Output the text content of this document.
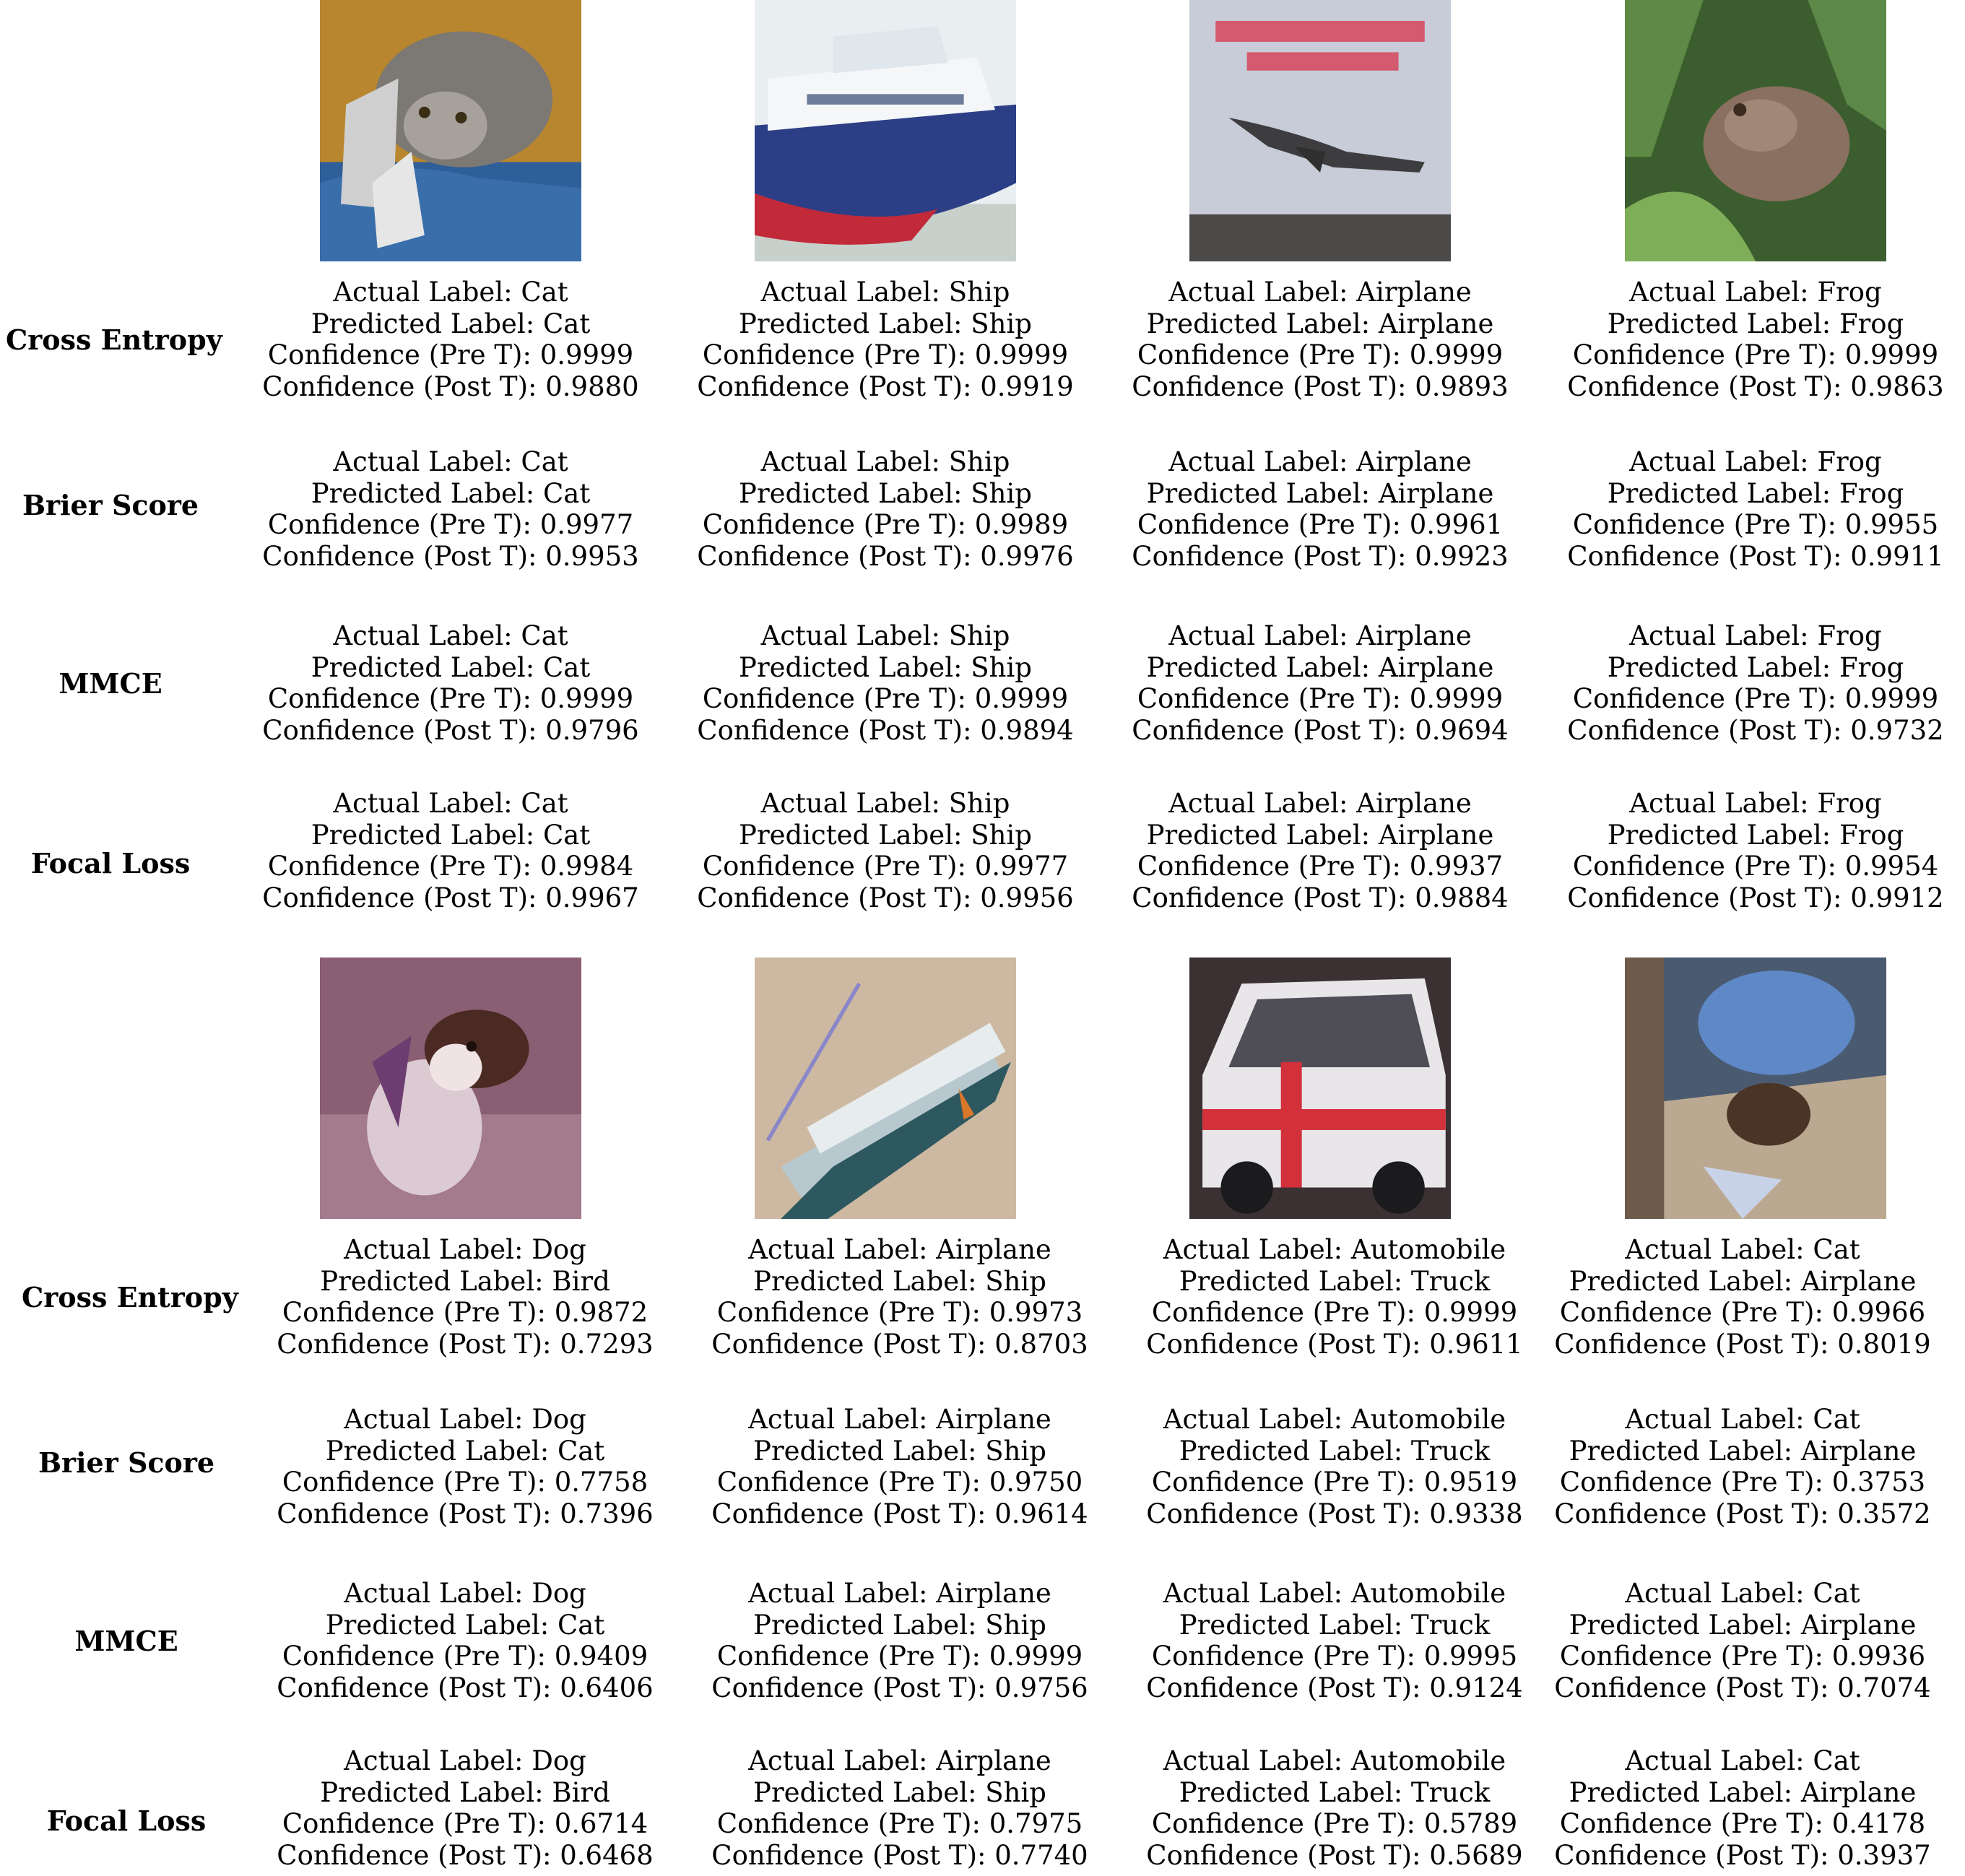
Cross Entropy
Brier Score
MMCE
Focal Loss
Actual Label: Cat
Predicted Label: Cat
Confidence (Pre T): 0.9999
Confidence (Post T): 0.9880
Actual Label: Cat
Predicted Label: Cat
Confidence (Pre T): 0.9977
Confidence (Post T): 0.9953
Actual Label: Cat
Predicted Label: Cat
Confidence (Pre T): 0.9999
Confidence (Post T): 0.9796
Actual Label: Cat
Predicted Label: Cat
Confidence (Pre T): 0.9984
Confidence (Post T): 0.9967
Actual Label: Ship
Predicted Label: Ship
Confidence (Pre T): 0.9999
Confidence (Post T): 0.9919
Actual Label: Ship
Predicted Label: Ship
Confidence (Pre T): 0.9989
Confidence (Post T): 0.9976
Actual Label: Ship
Predicted Label: Ship
Confidence (Pre T): 0.9999
Confidence (Post T): 0.9894
Actual Label: Ship
Predicted Label: Ship
Confidence (Pre T): 0.9977
Confidence (Post T): 0.9956
Actual Label: Airplane
Predicted Label: Airplane
Confidence (Pre T): 0.9999
Confidence (Post T): 0.9893
Actual Label: Airplane
Predicted Label: Airplane
Confidence (Pre T): 0.9961
Confidence (Post T): 0.9923
Actual Label: Airplane
Predicted Label: Airplane
Confidence (Pre T): 0.9999
Confidence (Post T): 0.9694
Actual Label: Airplane
Predicted Label: Airplane
Confidence (Pre T): 0.9937
Confidence (Post T): 0.9884
Actual Label: Frog
Predicted Label: Frog
Confidence (Pre T): 0.9999
Confidence (Post T): 0.9863
Actual Label: Frog
Predicted Label: Frog
Confidence (Pre T): 0.9955
Confidence (Post T): 0.9911
Actual Label: Frog
Predicted Label: Frog
Confidence (Pre T): 0.9999
Confidence (Post T): 0.9732
Actual Label: Frog
Predicted Label: Frog
Confidence (Pre T): 0.9954
Confidence (Post T): 0.9912
Cross Entropy
Brier Score
MMCE
Focal Loss
Actual Label: Dog
Predicted Label: Bird
Confidence (Pre T): 0.9872
Confidence (Post T): 0.7293
Actual Label: Dog
Predicted Label: Cat
Confidence (Pre T): 0.7758
Confidence (Post T): 0.7396
Actual Label: Dog
Predicted Label: Cat
Confidence (Pre T): 0.9409
Confidence (Post T): 0.6406
Actual Label: Dog
Predicted Label: Bird
Confidence (Pre T): 0.6714
Confidence (Post T): 0.6468
Actual Label: Airplane
Predicted Label: Ship
Confidence (Pre T): 0.9973
Confidence (Post T): 0.8703
Actual Label: Airplane
Predicted Label: Ship
Confidence (Pre T): 0.9750
Confidence (Post T): 0.9614
Actual Label: Airplane
Predicted Label: Ship
Confidence (Pre T): 0.9999
Confidence (Post T): 0.9756
Actual Label: Airplane
Predicted Label: Ship
Confidence (Pre T): 0.7975
Confidence (Post T): 0.7740
Actual Label: Automobile
Predicted Label: Truck
Confidence (Pre T): 0.9999
Confidence (Post T): 0.9611
Actual Label: Automobile
Predicted Label: Truck
Confidence (Pre T): 0.9519
Confidence (Post T): 0.9338
Actual Label: Automobile
Predicted Label: Truck
Confidence (Pre T): 0.9995
Confidence (Post T): 0.9124
Actual Label: Automobile
Predicted Label: Truck
Confidence (Pre T): 0.5789
Confidence (Post T): 0.5689
Actual Label: Cat
Predicted Label: Airplane
Confidence (Pre T): 0.9966
Confidence (Post T): 0.8019
Actual Label: Cat
Predicted Label: Airplane
Confidence (Pre T): 0.3753
Confidence (Post T): 0.3572
Actual Label: Cat
Predicted Label: Airplane
Confidence (Pre T): 0.9936
Confidence (Post T): 0.7074
Actual Label: Cat
Predicted Label: Airplane
Confidence (Pre T): 0.4178
Confidence (Post T): 0.3937
